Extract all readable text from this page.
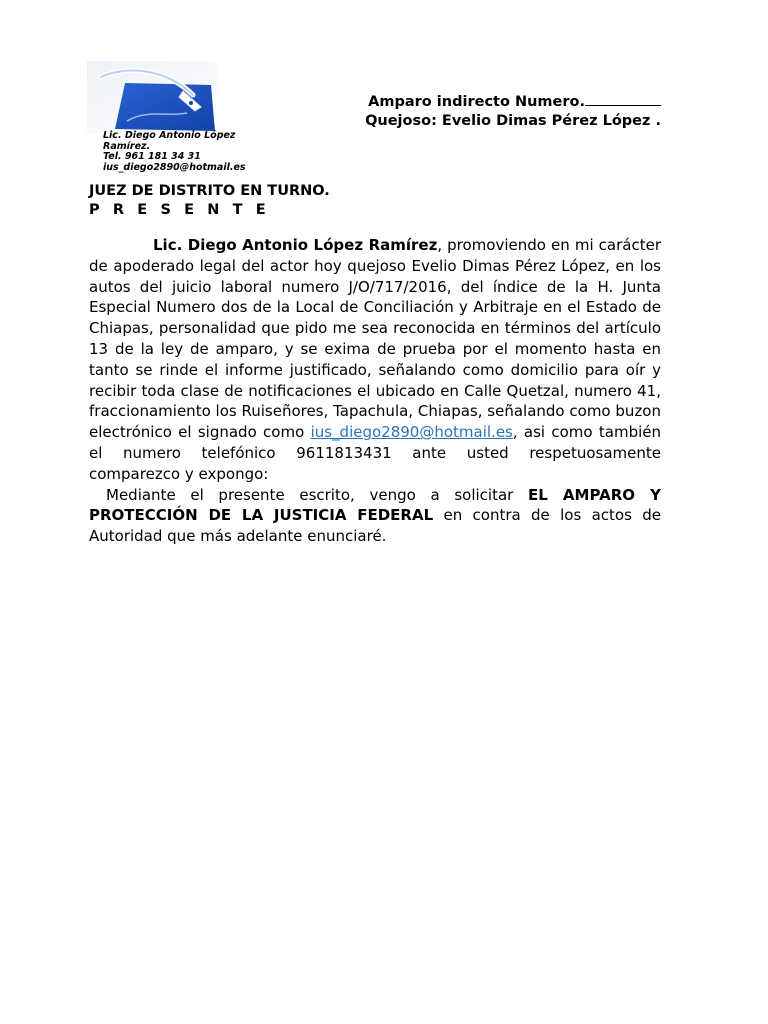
Lic. Diego Antonio López
Ramírez.
Tel. 961 181 34 31
ius_diego2890@hotmail.es
Amparo indirecto Numero.
Quejoso: Evelio Dimas Pérez López .
JUEZ DE DISTRITO EN TURNO.
P R E S E N T E

Lic. Diego Antonio López Ramírez, promoviendo en mi carácter de apoderado legal del actor hoy quejoso Evelio Dimas Pérez López, en los autos del juicio laboral numero J/O/717/2016, del índice de la H. Junta Especial Numero dos de la Local de Conciliación y Arbitraje en el Estado de Chiapas, personalidad que pido me sea reconocida en términos del artículo 13 de la ley de amparo, y se exima de prueba por el momento hasta en tanto se rinde el informe justificado, señalando como domicilio para oír y recibir toda clase de notificaciones el ubicado en Calle Quetzal, numero 41, fraccionamiento los Ruiseñores, Tapachula, Chiapas, señalando como buzon electrónico el signado como ius_diego2890@hotmail.es, asi como también el numero telefónico 9611813431 ante usted respetuosamente comparezco y expongo:

Mediante el presente escrito, vengo a solicitar EL AMPARO Y PROTECCIÓN DE LA JUSTICIA FEDERAL en contra de los actos de Autoridad que más adelante enunciaré.
